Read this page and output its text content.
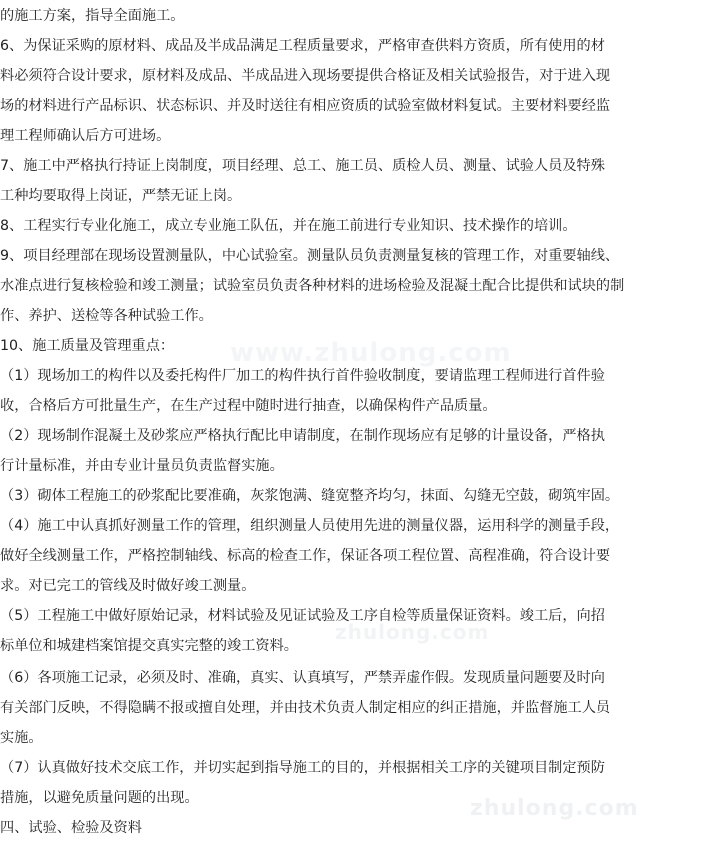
的施工方案，指导全面施工。
6、为保证采购的原材料、成品及半成品满足工程质量要求，严格审查供料方资质，所有使用的材
料必须符合设计要求，原材料及成品、半成品进入现场要提供合格证及相关试验报告，对于进入现
场的材料进行产品标识、状态标识、并及时送往有相应资质的试验室做材料复试。主要材料要经监
理工程师确认后方可进场。
7、施工中严格执行持证上岗制度，项目经理、总工、施工员、质检人员、测量、试验人员及特殊
工种均要取得上岗证，严禁无证上岗。
8、工程实行专业化施工，成立专业施工队伍，并在施工前进行专业知识、技术操作的培训。
9、项目经理部在现场设置测量队，中心试验室。测量队员负责测量复核的管理工作，对重要轴线、
水准点进行复核检验和竣工测量；试验室员负责各种材料的进场检验及混凝土配合比提供和试块的制
作、养护、送检等各种试验工作。
10、施工质量及管理重点：
（1）现场加工的构件以及委托构件厂加工的构件执行首件验收制度，要请监理工程师进行首件验
收，合格后方可批量生产，在生产过程中随时进行抽查，以确保构件产品质量。
（2）现场制作混凝土及砂浆应严格执行配比申请制度，在制作现场应有足够的计量设备，严格执
行计量标准，并由专业计量员负责监督实施。
（3）砌体工程施工的砂浆配比要准确，灰浆饱满、缝宽整齐均匀，抹面、勾缝无空鼓，砌筑牢固。
（4）施工中认真抓好测量工作的管理，组织测量人员使用先进的测量仪器，运用科学的测量手段，
做好全线测量工作，严格控制轴线、标高的检查工作，保证各项工程位置、高程准确，符合设计要
求。对已完工的管线及时做好竣工测量。
（5）工程施工中做好原始记录，材料试验及见证试验及工序自检等质量保证资料。竣工后，向招
标单位和城建档案馆提交真实完整的竣工资料。
（6）各项施工记录，必须及时、准确，真实、认真填写，严禁弄虚作假。发现质量问题要及时向
有关部门反映，不得隐瞒不报或擅自处理，并由技术负责人制定相应的纠正措施，并监督施工人员
实施。
（7）认真做好技术交底工作，并切实起到指导施工的目的，并根据相关工序的关键项目制定预防
措施，以避免质量问题的出现。
四、试验、检验及资料
www.zhulong.com
zhulong.com
zhulong.com
